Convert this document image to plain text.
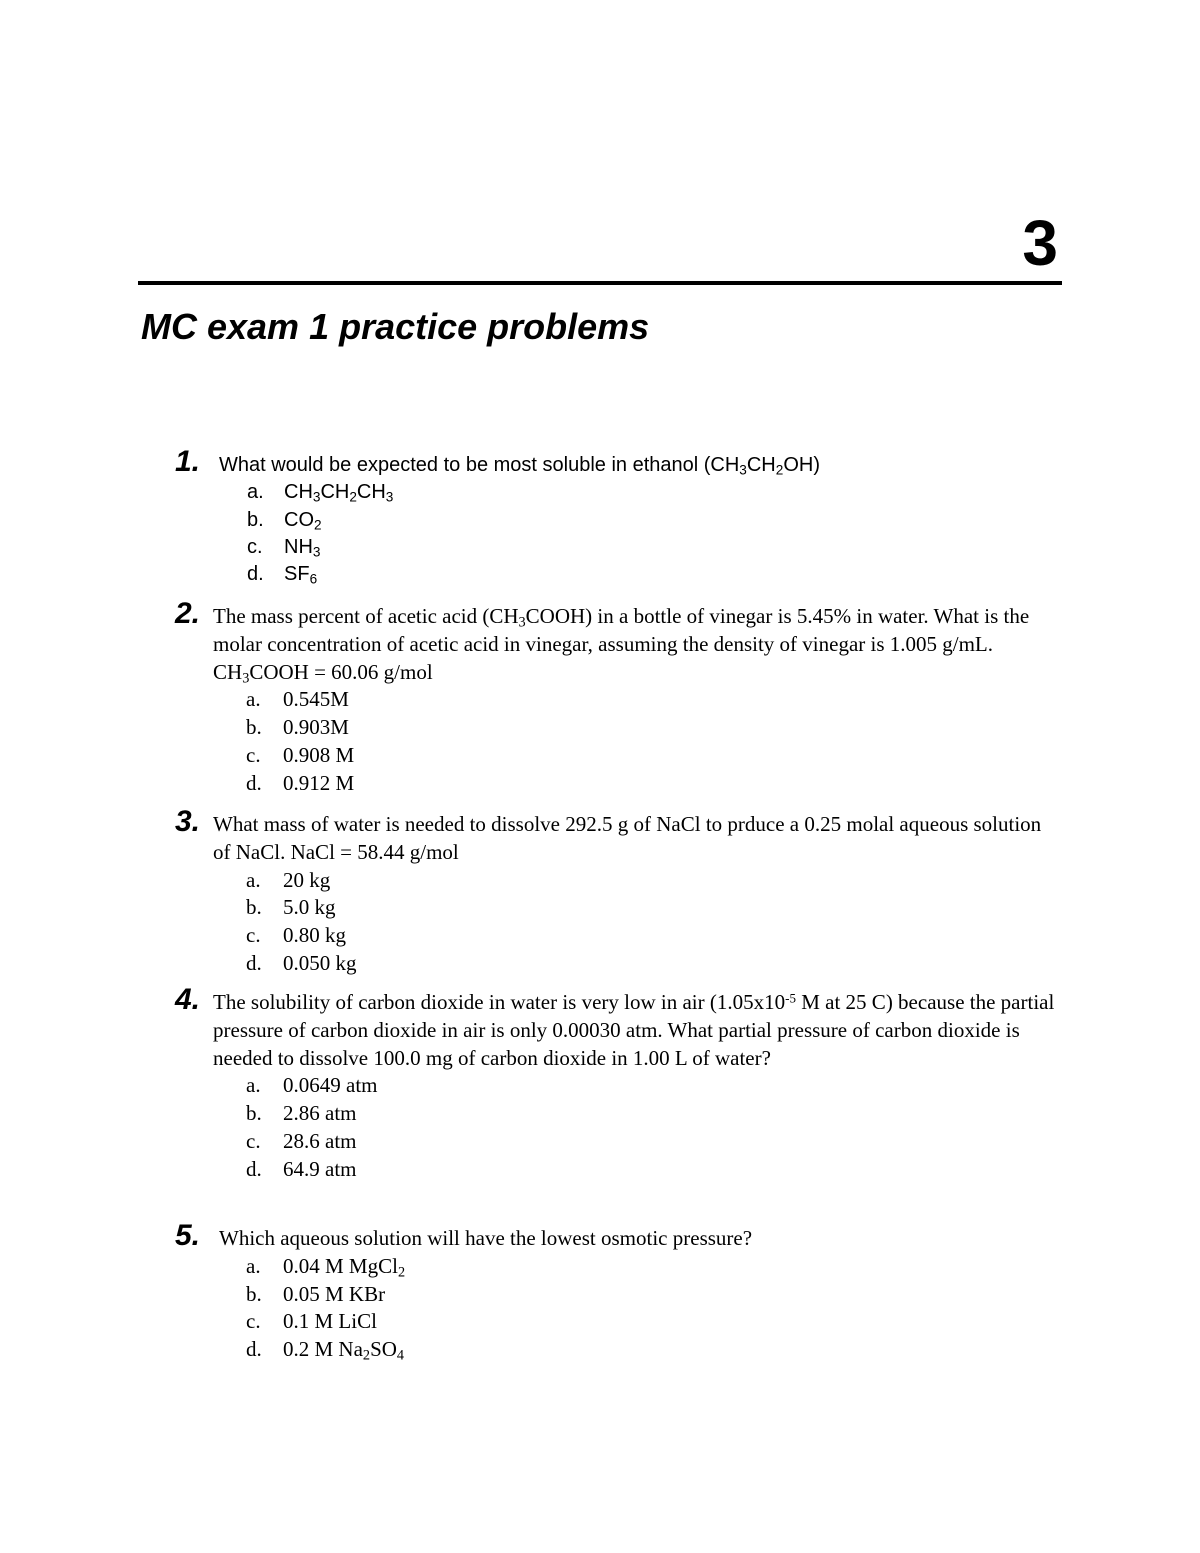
3
MC exam 1 practice problems
1. What would be expected to be most soluble in ethanol $(CH_3CH_2OH)$

a.	$CH_3CH_2CH_3$
b.	$CO_2$
c.	$NH_3$
d.	$SF_6$
2. The mass percent of acetic acid $(CH_3COOH)$ in a bottle of vinegar is 5.45% in water. What is the molar concentration of acetic acid in vinegar, assuming the density of vinegar is 1.005 g/mL. $CH_3COOH = 60.06$ g/mol

a.	0.545M
b.	0.903M
c.	0.908 M
d.	0.912 M
3. What mass of water is needed to dissolve 292.5 g of NaCl to prduce a 0.25 molal aqueous solution of NaCl. NaCl = 58.44 g/mol

a.	20 kg
b.	5.0 kg
c.	0.80 kg
d.	0.050 kg
4. The solubility of carbon dioxide in water is very low in air ($1.05x10^{-5}$ M at 25 C) because the partial pressure of carbon dioxide in air is only 0.00030 atm. What partial pressure of carbon dioxide is needed to dissolve 100.0 mg of carbon dioxide in 1.00 L of water?

a.	0.0649 atm
b.	2.86 atm
c.	28.6 atm
d.	64.9 atm
5. Which aqueous solution will have the lowest osmotic pressure?

a.	0.04 M MgCl$_2$
b.	0.05 M KBr
c.	0.1 M LiCl
d.	0.2 M $Na_2SO_4$
